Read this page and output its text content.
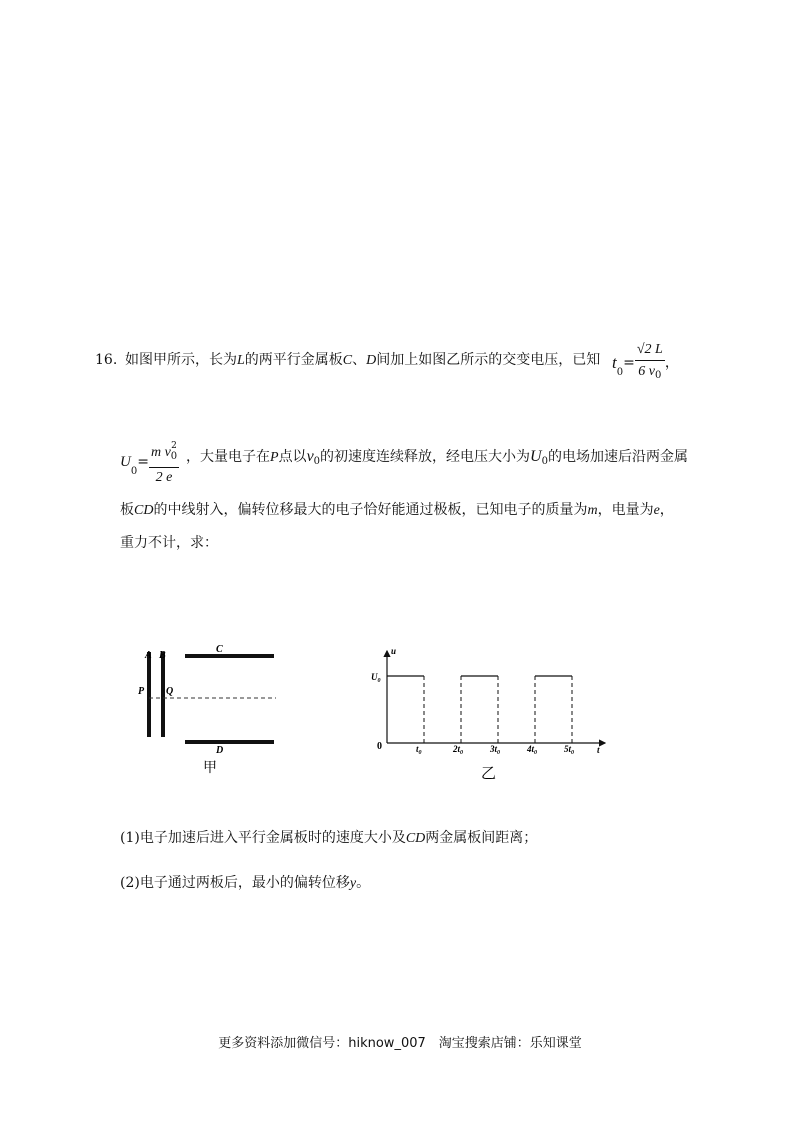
16. 如图甲所示，长为L的两平行金属板C、D间加上如图乙所示的交变电压，已知 $t_0= \frac{√2 L}{6 v_0}$ ，
$U_0= \frac{m v_0^2}{2 e}$ ，大量电子在P点以$v_0$的初速度连续释放，经电压大小为$U_0$的电场加速后沿两金属
板CD的中线射入，偏转位移最大的电子恰好能通过极板，已知电子的质量为m，电量为e，
重力不计，求：
A B
C
D
P Q
甲
u
t
0
$U_0$
$t_0$	$2t_0$	$3t_0$	$4t_0$	$5t_0$
乙
(1)电子加速后进入平行金属板时的速度大小及CD两金属板间距离；
(2)电子通过两板后，最小的偏转位移y。
更多资料添加微信号：hiknow_007　淘宝搜索店铺：乐知课堂
